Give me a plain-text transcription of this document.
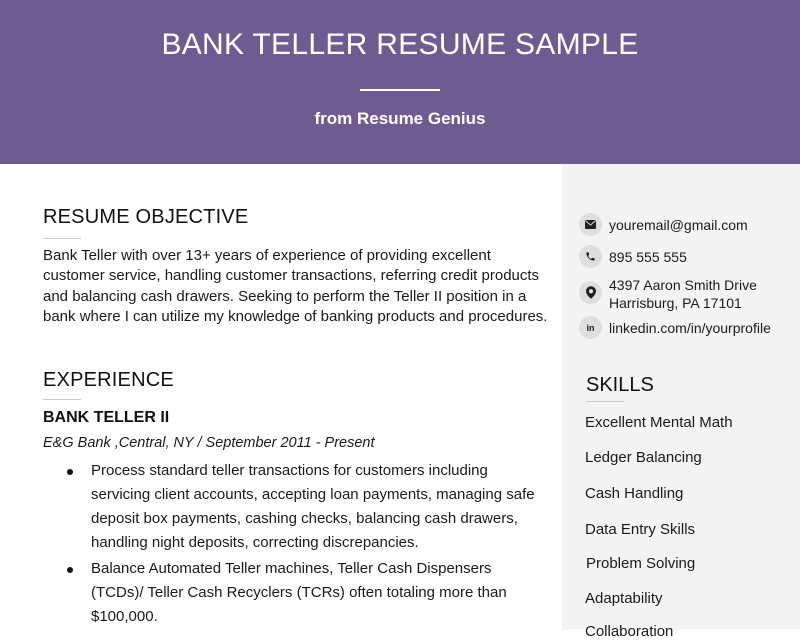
BANK TELLER RESUME SAMPLE
from Resume Genius
RESUME OBJECTIVE
Bank Teller with over 13+ years of experience of providing excellent customer service, handling customer transactions, referring credit products and balancing cash drawers. Seeking to perform the Teller II position in a bank where I can utilize my knowledge of banking products and procedures.
EXPERIENCE
BANK TELLER II
E&G Bank ,Central, NY / September 2011 - Present
Process standard teller transactions for customers including servicing client accounts, accepting loan payments, managing safe deposit box payments, cashing checks, balancing cash drawers, handling night deposits, correcting discrepancies.
Balance Automated Teller machines, Teller Cash Dispensers (TCDs)/ Teller Cash Recyclers (TCRs) often totaling more than $100,000.
youremail@gmail.com
895 555 555
4397 Aaron Smith Drive
Harrisburg, PA 17101
in linkedin.com/in/yourprofile
SKILLS
Excellent Mental Math
Ledger Balancing
Cash Handling
Data Entry Skills
Problem Solving
Adaptability
Collaboration
